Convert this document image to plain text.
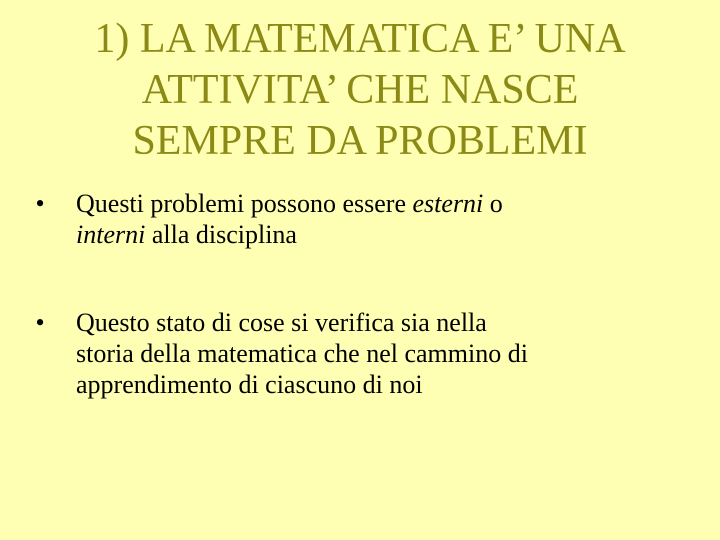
1) LA MATEMATICA E’ UNA
ATTIVITA’ CHE NASCE
SEMPRE DA PROBLEMI
• Questi problemi possono essere esterni o
interni alla disciplina
• Questo stato di cose si verifica sia nella
storia della matematica che nel cammino di
apprendimento di ciascuno di noi
